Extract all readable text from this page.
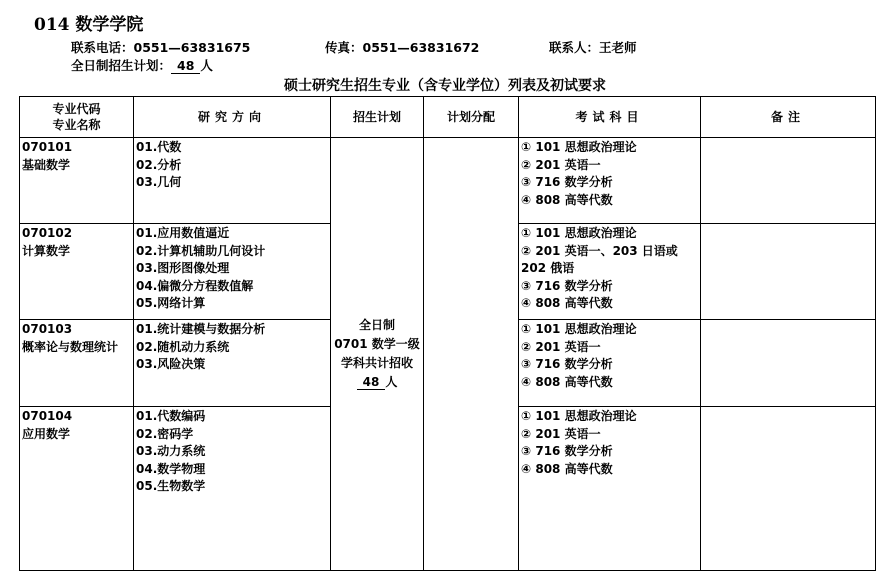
014 数学学院
联系电话：0551—63831675	传真：0551—63831672	联系人：王老师
全日制招生计划： 48 人
硕士研究生招生专业（含专业学位）列表及初试要求
专业代码
专业名称	研究方向	招生计划	计划分配	考试科目	备注

070101
基础数学	01.代数
02.分析
03.几何	全日制
0701 数学一级
学科共计招收
48 人		① 101 思想政治理论
② 201 英语一
③ 716 数学分析
④ 808 高等代数	

070102
计算数学	01.应用数值逼近
02.计算机辅助几何设计
03.图形图像处理
04.偏微分方程数值解
05.网络计算			① 101 思想政治理论
② 201 英语一、203 日语或 202 俄语
③ 716 数学分析
④ 808 高等代数	

070103
概率论与数理统计	01.统计建模与数据分析
02.随机动力系统
03.风险决策			① 101 思想政治理论
② 201 英语一
③ 716 数学分析
④ 808 高等代数	

070104
应用数学	01.代数编码
02.密码学
03.动力系统
04.数学物理
05.生物数学			① 101 思想政治理论
② 201 英语一
③ 716 数学分析
④ 808 高等代数	
